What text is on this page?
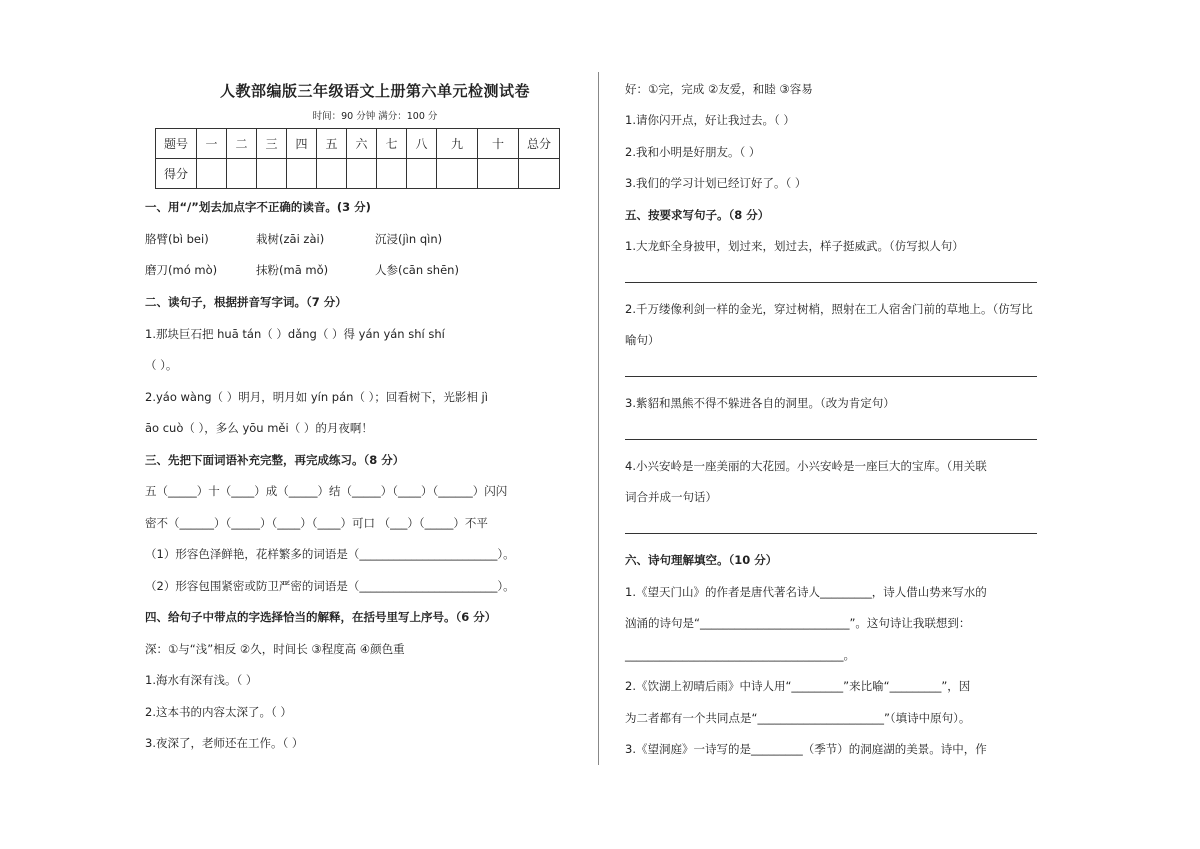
人教部编版三年级语文上册第六单元检测试卷
时间：90 分钟 满分：100 分
题号	一	二	三	四	五	六	七	八	九	十	总分
得分											
一、用“/”划去加点字不正确的读音。(3 分)
胳臂(bì bei)	栽树(zāi zài)	沉浸(jìn qìn)
磨刀(mó mò)	抹粉(mā mǒ)	人参(cān shēn)
二、读句子，根据拼音写字词。（7 分）
1.那块巨石把 huā tán（ ）dǎng（ ）得 yán yán shí shí
（ ）。
2.yáo wàng（ ）明月，明月如 yín pán（ ）；回看树下，光影相 jì
āo cuò（ ），多么 yōu měi（ ）的月夜啊！
三、先把下面词语补充完整，再完成练习。（8 分）
五（_____）十（____）成（_____）结（_____）（____）（______）闪闪
密不（______）（_____）（____）（____）可口 （___）（_____）不平
（1）形容色泽鲜艳，花样繁多的词语是（________________________）。
（2）形容包围紧密或防卫严密的词语是（________________________）。
四、给句子中带点的字选择恰当的解释，在括号里写上序号。（6 分）
深：①与“浅”相反 ②久，时间长 ③程度高 ④颜色重
1.海水有深有浅。（ ）
2.这本书的内容太深了。（ ）
3.夜深了，老师还在工作。（ ）
好：①完，完成 ②友爱，和睦 ③容易
1.请你闪开点，好让我过去。（ ）
2.我和小明是好朋友。（ ）
3.我们的学习计划已经订好了。（ ）
五、按要求写句子。（8 分）
1.大龙虾全身披甲，划过来，划过去，样子挺威武。（仿写拟人句）
2.千万缕像利剑一样的金光，穿过树梢，照射在工人宿舍门前的草地上。（仿写比
喻句）
3.紫貂和黑熊不得不躲进各自的洞里。（改为肯定句）
4.小兴安岭是一座美丽的大花园。小兴安岭是一座巨大的宝库。（用关联
词合并成一句话）
六、诗句理解填空。（10 分）
1.《望天门山》的作者是唐代著名诗人_________，诗人借山势来写水的
汹涌的诗句是“__________________________”。这句诗让我联想到：
______________________________________。
2.《饮湖上初晴后雨》中诗人用“_________”来比喻“_________”，因
为二者都有一个共同点是“______________________”（填诗中原句）。
3.《望洞庭》一诗写的是_________（季节）的洞庭湖的美景。诗中，作
